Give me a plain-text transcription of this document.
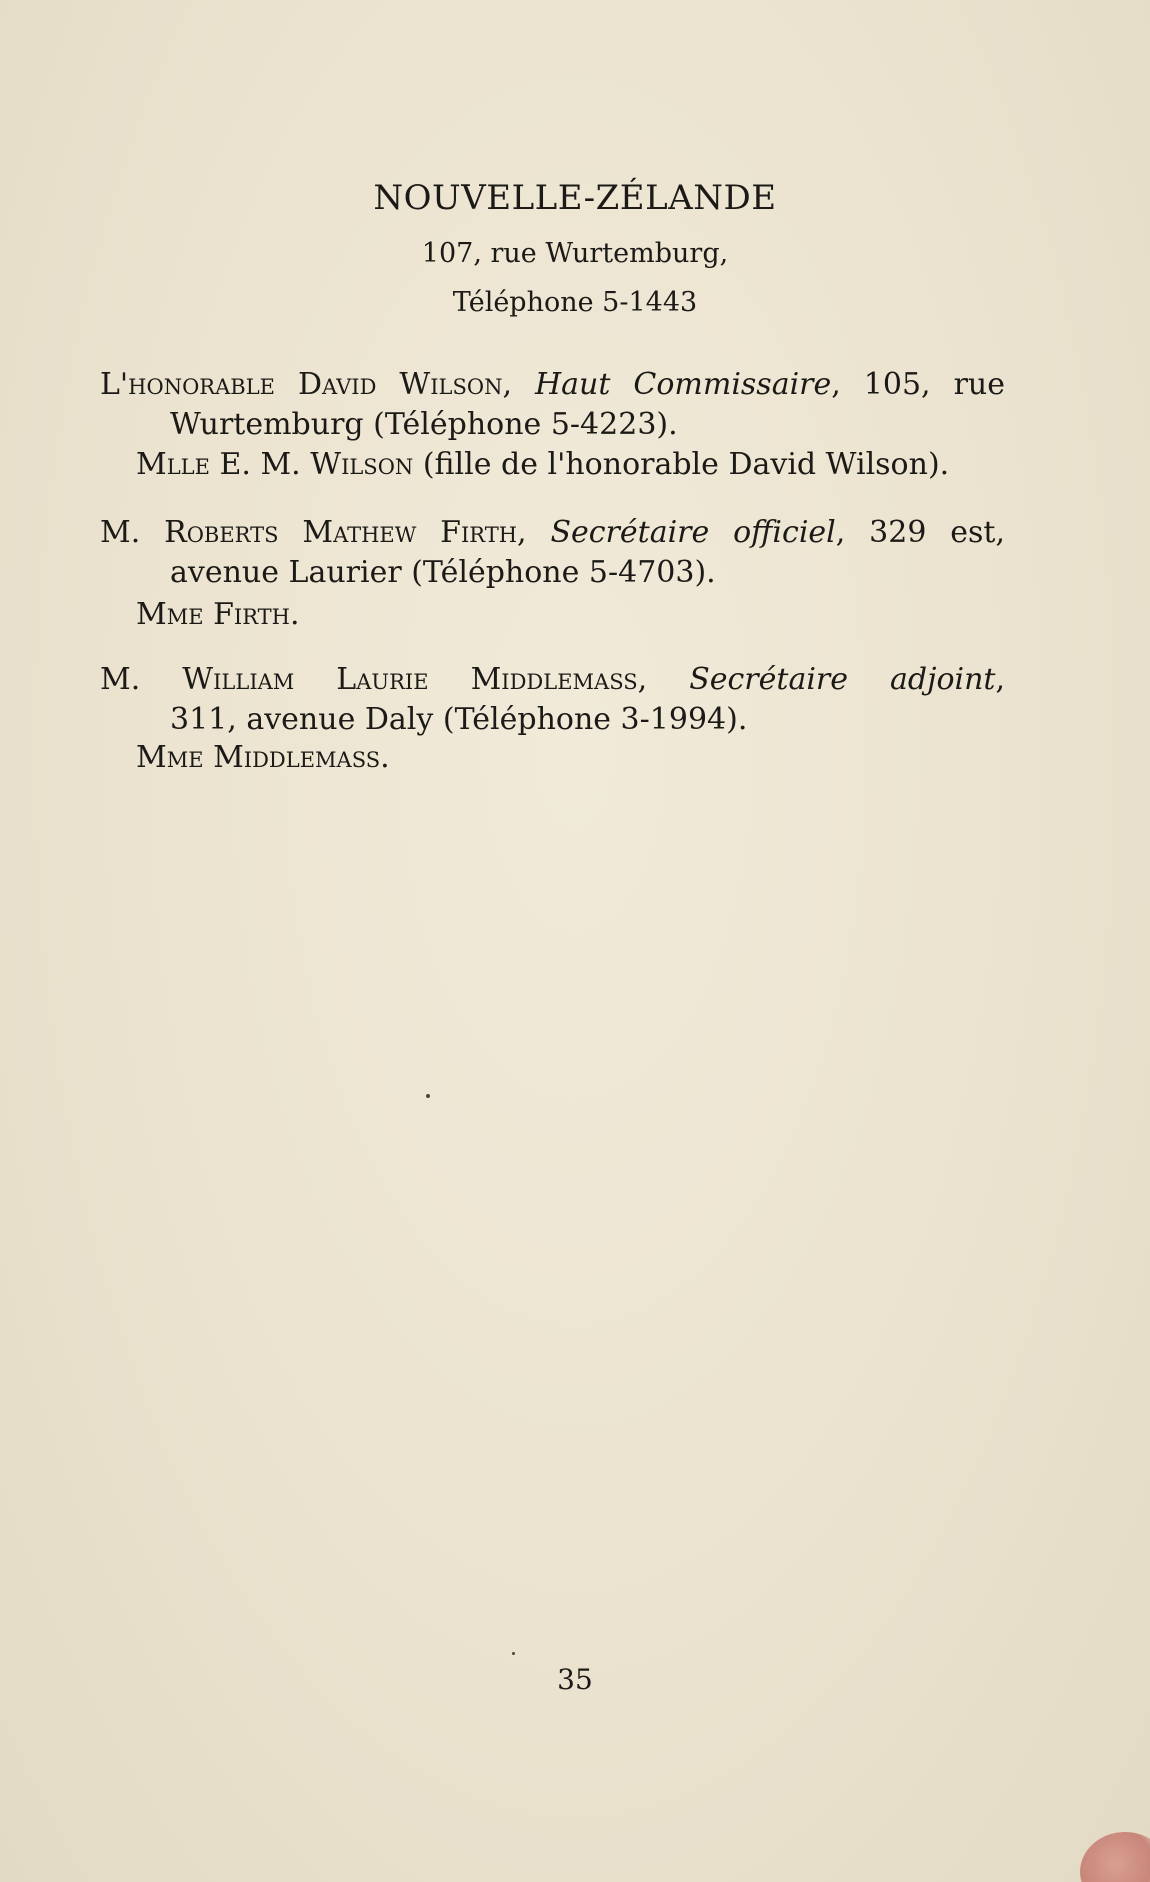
NOUVELLE-ZÉLANDE
107, rue Wurtemburg,
Téléphone 5-1443
L'honorable David Wilson, Haut Commissaire, 105, rue
Wurtemburg (Téléphone 5-4223).
Mlle E. M. Wilson (fille de l'honorable David Wilson).
M. Roberts Mathew Firth, Secrétaire officiel, 329 est,
avenue Laurier (Téléphone 5-4703).
Mme Firth.
M. William Laurie Middlemass, Secrétaire adjoint,
311, avenue Daly (Téléphone 3-1994).
Mme Middlemass.
35
